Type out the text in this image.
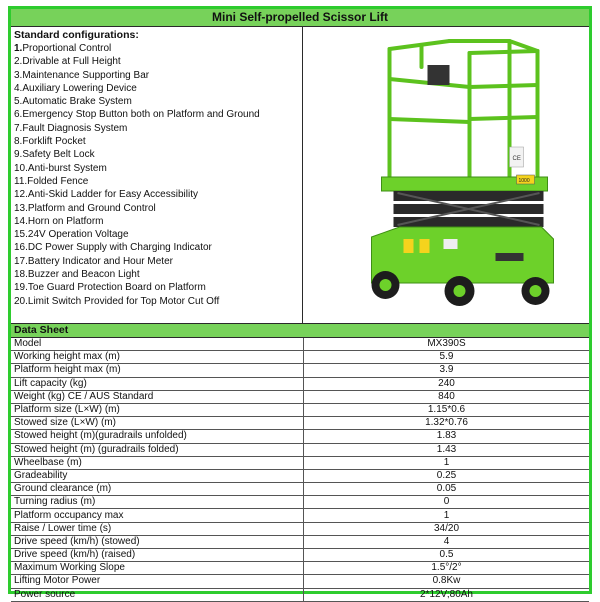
Mini Self-propelled Scissor Lift
Standard configurations:
1.Proportional Control
2.Drivable at Full Height
3.Maintenance Supporting Bar
4.Auxiliary Lowering Device
5.Automatic Brake System
6.Emergency Stop Button both on Platform and Ground
7.Fault Diagnosis System
8.Forklift Pocket
9.Safety Belt Lock
10.Anti-burst System
11.Folded Fence
12.Anti-Skid Ladder for Easy Accessibility
13.Platform and Ground Control
14.Horn on Platform
15.24V Operation Voltage
16.DC Power Supply with Charging Indicator
17.Battery Indicator and Hour Meter
18.Buzzer and Beacon Light
19.Toe Guard Protection Board on Platform
20.Limit Switch Provided for Top Motor Cut Off
CE
1000
Data Sheet
Model	MX390S
Working height max (m)	5.9
Platform height max (m)	3.9
Lift capacity (kg)	240
Weight (kg) CE / AUS Standard	840
Platform size (L×W) (m)	1.15*0.6
Stowed size (L×W) (m)	1.32*0.76
Stowed height (m)(guradrails unfolded)	1.83
Stowed height (m) (guradrails folded)	1.43
Wheelbase (m)	1
Gradeability	0.25
Ground clearance (m)	0.05
Turning radius (m)	0
Platform occupancy max	1
Raise / Lower time (s)	34/20
Drive speed (km/h) (stowed)	4
Drive speed (km/h) (raised)	0.5
Maximum Working Slope	1.5°/2°
Lifting Motor Power	0.8Kw
Power source	2*12V;80Ah
